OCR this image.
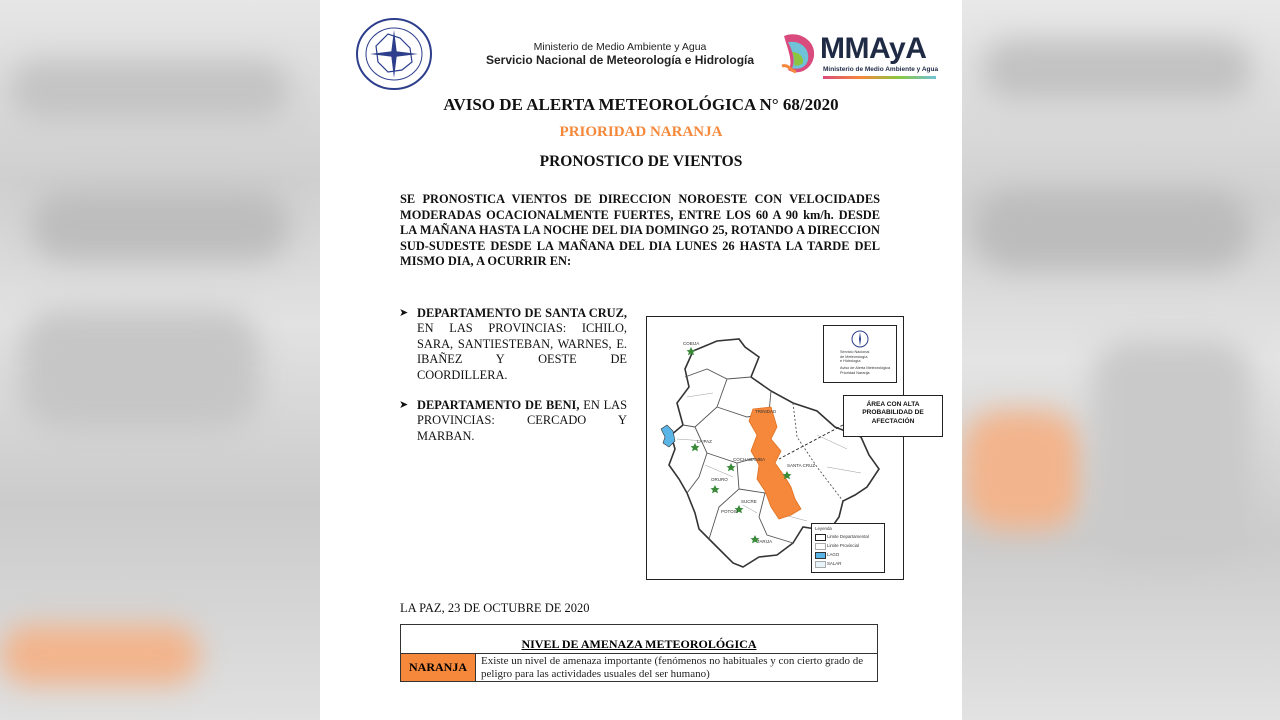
Ministerio de Medio Ambiente y Agua
Servicio Nacional de Meteorología e Hidrología	MMAyA
Ministerio de Medio Ambiente y Agua
AVISO DE ALERTA METEOROLÓGICA N° 68/2020
PRIORIDAD NARANJA
PRONOSTICO DE VIENTOS
SE PRONOSTICA VIENTOS DE DIRECCION NOROESTE CON VELOCIDADES MODERADAS OCACIONALMENTE FUERTES, ENTRE LOS 60 A 90 km/h. DESDE LA MAÑANA HASTA LA NOCHE DEL DIA DOMINGO 25, ROTANDO A DIRECCION SUD-SUDESTE DESDE LA MAÑANA DEL DIA LUNES 26 HASTA LA TARDE DEL MISMO DIA, A OCURRIR EN:
➤ DEPARTAMENTO DE SANTA CRUZ, EN LAS PROVINCIAS: ICHILO, SARA, SANTIESTEBAN, WARNES, E. IBAÑEZ Y OESTE DE COORDILLERA.
➤ DEPARTAMENTO DE BENI, EN LAS PROVINCIAS: CERCADO Y MARBAN.
COBIJA
LA PAZ
COCHABAMBA
SANTA CRUZ
SUCRE
TARIJA
ORURO
POTOSI
TRINIDAD
Servicio Nacional
de Meteorología
e Hidrología
Aviso de Alerta Meteorológica
Prioridad Naranja
ÁREA CON ALTA PROBABILIDAD DE AFECTACIÓN
Leyenda
Limite Departamental
Limite Provincial
LAGO
SALAR
LA PAZ, 23 DE OCTUBRE DE 2020
NIVEL DE AMENAZA METEOROLÓGICA
NARANJA	Existe un nivel de amenaza importante (fenómenos no habituales y con cierto grado de peligro para las actividades usuales del ser humano)
